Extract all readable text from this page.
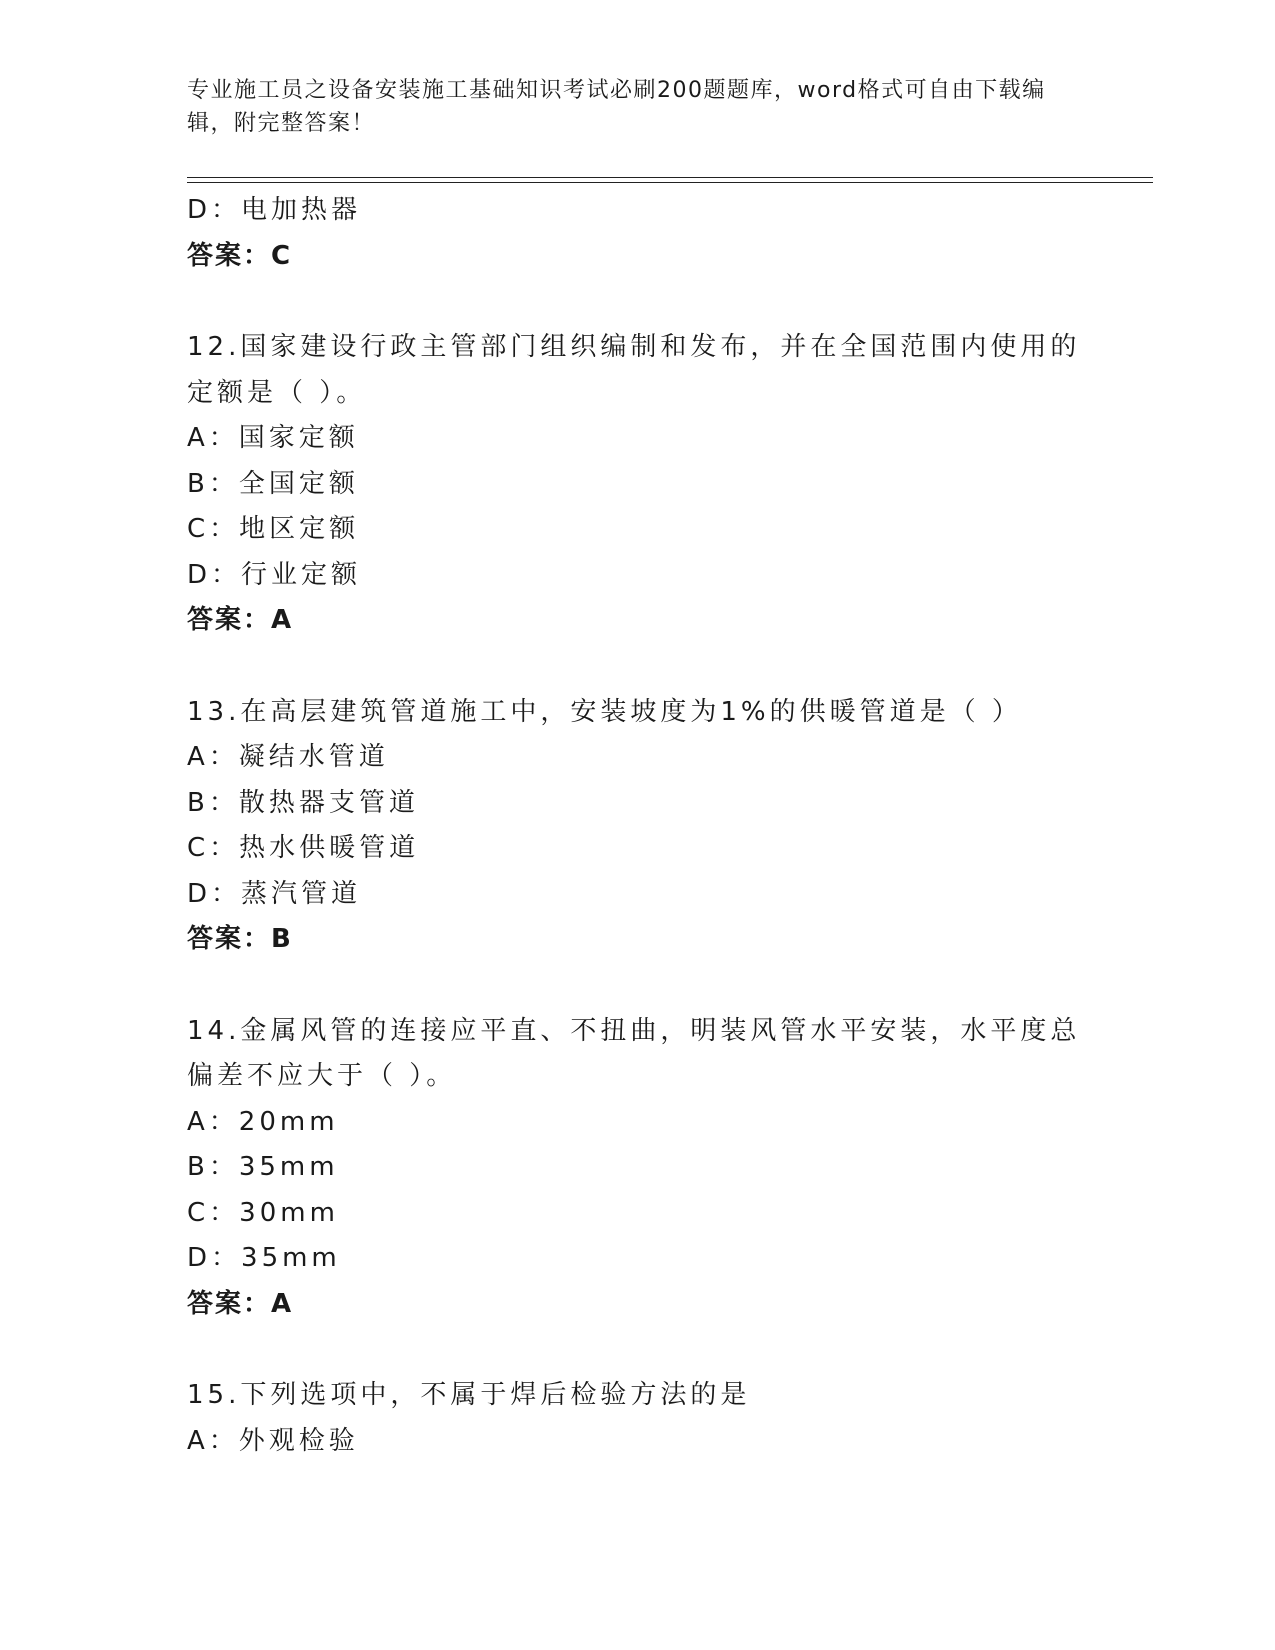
专业施工员之设备安装施工基础知识考试必刷200题题库，word格式可自由下载编辑，附完整答案！
D：电加热器
答案：C
12.国家建设行政主管部门组织编制和发布，并在全国范围内使用的定额是（ ）。
A：国家定额
B：全国定额
C：地区定额
D：行业定额
答案：A
13.在高层建筑管道施工中，安装坡度为1%的供暖管道是（ ）
A：凝结水管道
B：散热器支管道
C：热水供暖管道
D：蒸汽管道
答案：B
14.金属风管的连接应平直、不扭曲，明装风管水平安装，水平度总偏差不应大于（ ）。
A：20mm
B：35mm
C：30mm
D：35mm
答案：A
15.下列选项中，不属于焊后检验方法的是
A：外观检验
